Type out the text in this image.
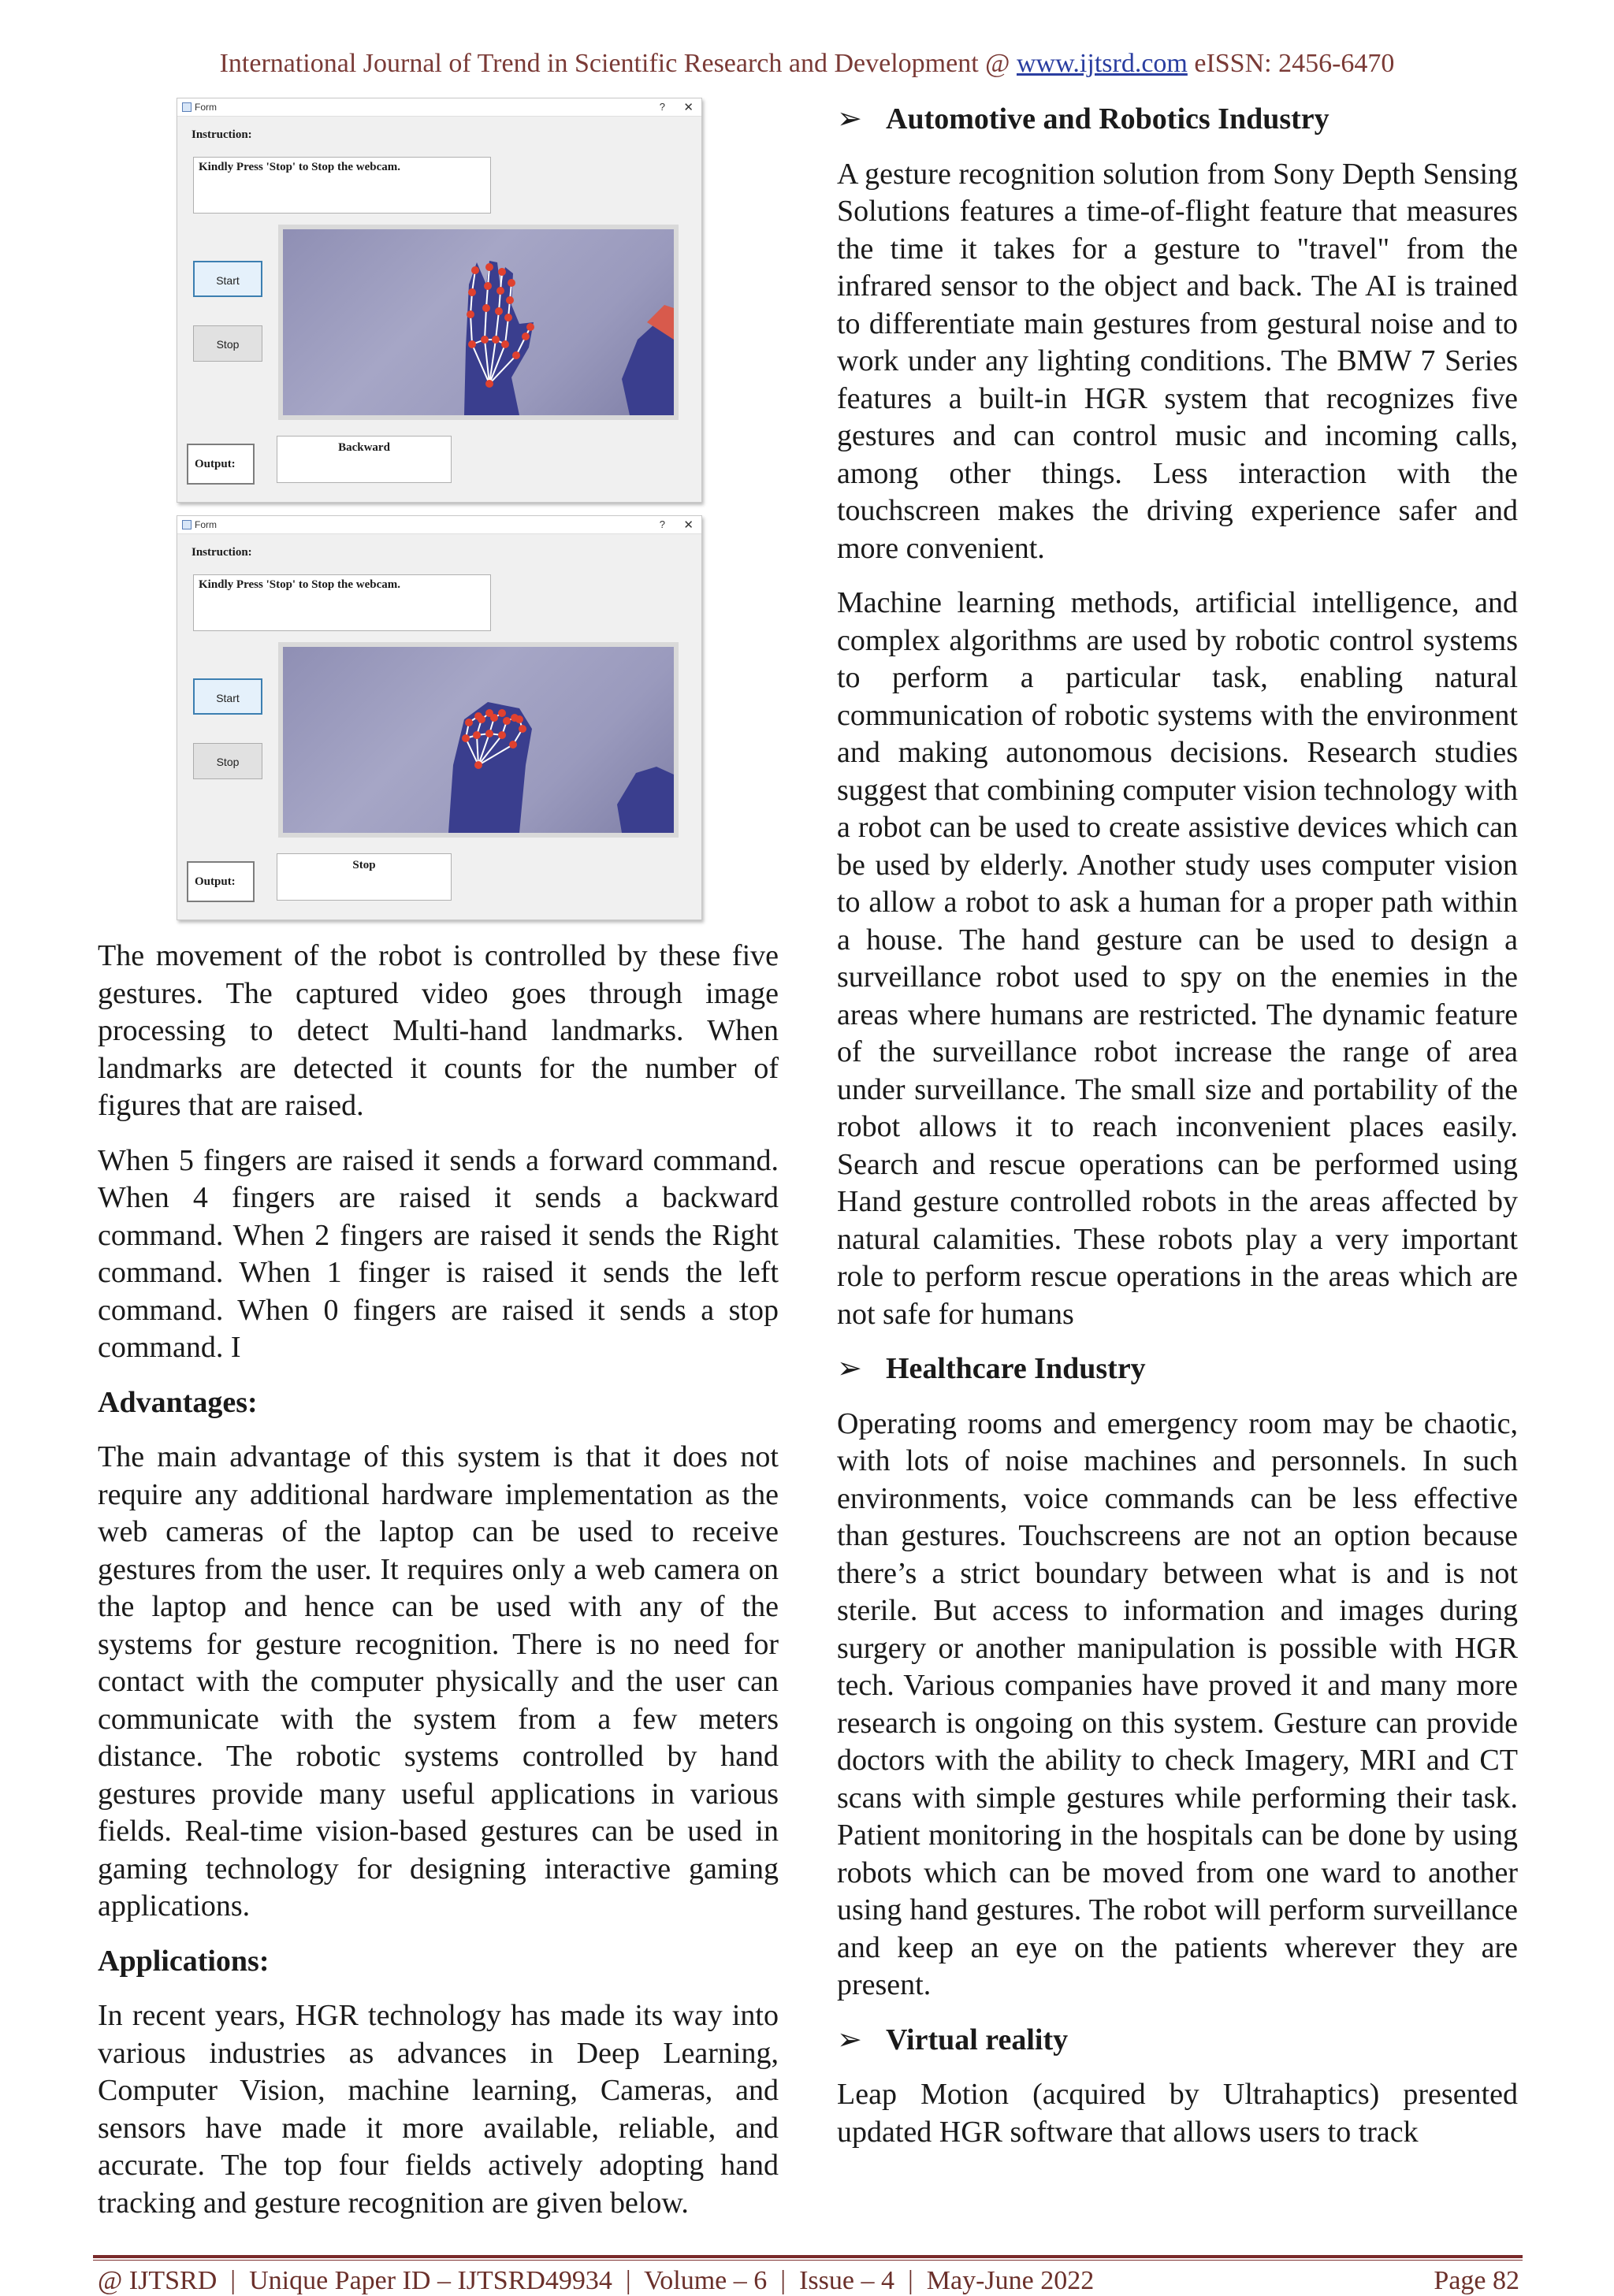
International Journal of Trend in Scientific Research and Development @ www.ijtsrd.com eISSN: 2456-6470
Form	? ✕
Instruction:
Kindly Press 'Stop' to Stop the webcam.
Start
Stop
Output:
Backward
Form	? ✕
Instruction:
Kindly Press 'Stop' to Stop the webcam.
Start
Stop
Output:
Stop

The movement of the robot is controlled by these five gestures. The captured video goes through image processing to detect Multi-hand landmarks. When landmarks are detected it counts for the number of figures that are raised.

When 5 fingers are raised it sends a forward command. When 4 fingers are raised it sends a backward command. When 2 fingers are raised it sends the Right command. When 1 finger is raised it sends the left command. When 0 fingers are raised it sends a stop command. I

Advantages:

The main advantage of this system is that it does not require any additional hardware implementation as the web cameras of the laptop can be used to receive gestures from the user. It requires only a web camera on the laptop and hence can be used with any of the systems for gesture recognition. There is no need for contact with the computer physically and the user can communicate with the system from a few meters distance. The robotic systems controlled by hand gestures provide many useful applications in various fields. Real-time vision-based gestures can be used in gaming technology for designing interactive gaming applications.

Applications:

In recent years, HGR technology has made its way into various industries as advances in Deep Learning, Computer Vision, machine learning, Cameras, and sensors have made it more available, reliable, and accurate. The top four fields actively adopting hand tracking and gesture recognition are given below.

➢ Automotive and Robotics Industry

A gesture recognition solution from Sony Depth Sensing Solutions features a time-of-flight feature that measures the time it takes for a gesture to "travel" from the infrared sensor to the object and back. The AI is trained to differentiate main gestures from gestural noise and to work under any lighting conditions. The BMW 7 Series features a built-in HGR system that recognizes five gestures and can control music and incoming calls, among other things. Less interaction with the touchscreen makes the driving experience safer and more convenient.

Machine learning methods, artificial intelligence, and complex algorithms are used by robotic control systems to perform a particular task, enabling natural communication of robotic systems with the environment and making autonomous decisions. Research studies suggest that combining computer vision technology with a robot can be used to create assistive devices which can be used by elderly. Another study uses computer vision to allow a robot to ask a human for a proper path within a house. The hand gesture can be used to design a surveillance robot used to spy on the enemies in the areas where humans are restricted. The dynamic feature of the surveillance robot increase the range of area under surveillance. The small size and portability of the robot allows it to reach inconvenient places easily. Search and rescue operations can be performed using Hand gesture controlled robots in the areas affected by natural calamities. These robots play a very important role to perform rescue operations in the areas which are not safe for humans

➢ Healthcare Industry

Operating rooms and emergency room may be chaotic, with lots of noise machines and personnels. In such environments, voice commands can be less effective than gestures. Touchscreens are not an option because there’s a strict boundary between what is and is not sterile. But access to information and images during surgery or another manipulation is possible with HGR tech. Various companies have proved it and many more research is ongoing on this system. Gesture can provide doctors with the ability to check Imagery, MRI and CT scans with simple gestures while performing their task. Patient monitoring in the hospitals can be done by using robots which can be moved from one ward to another using hand gestures. The robot will perform surveillance and keep an eye on the patients wherever they are present.

➢ Virtual reality

Leap Motion (acquired by Ultrahaptics) presented updated HGR software that allows users to track

@ IJTSRD  |  Unique Paper ID – IJTSRD49934  |  Volume – 6  |  Issue – 4  |  May-June 2022	Page 82
